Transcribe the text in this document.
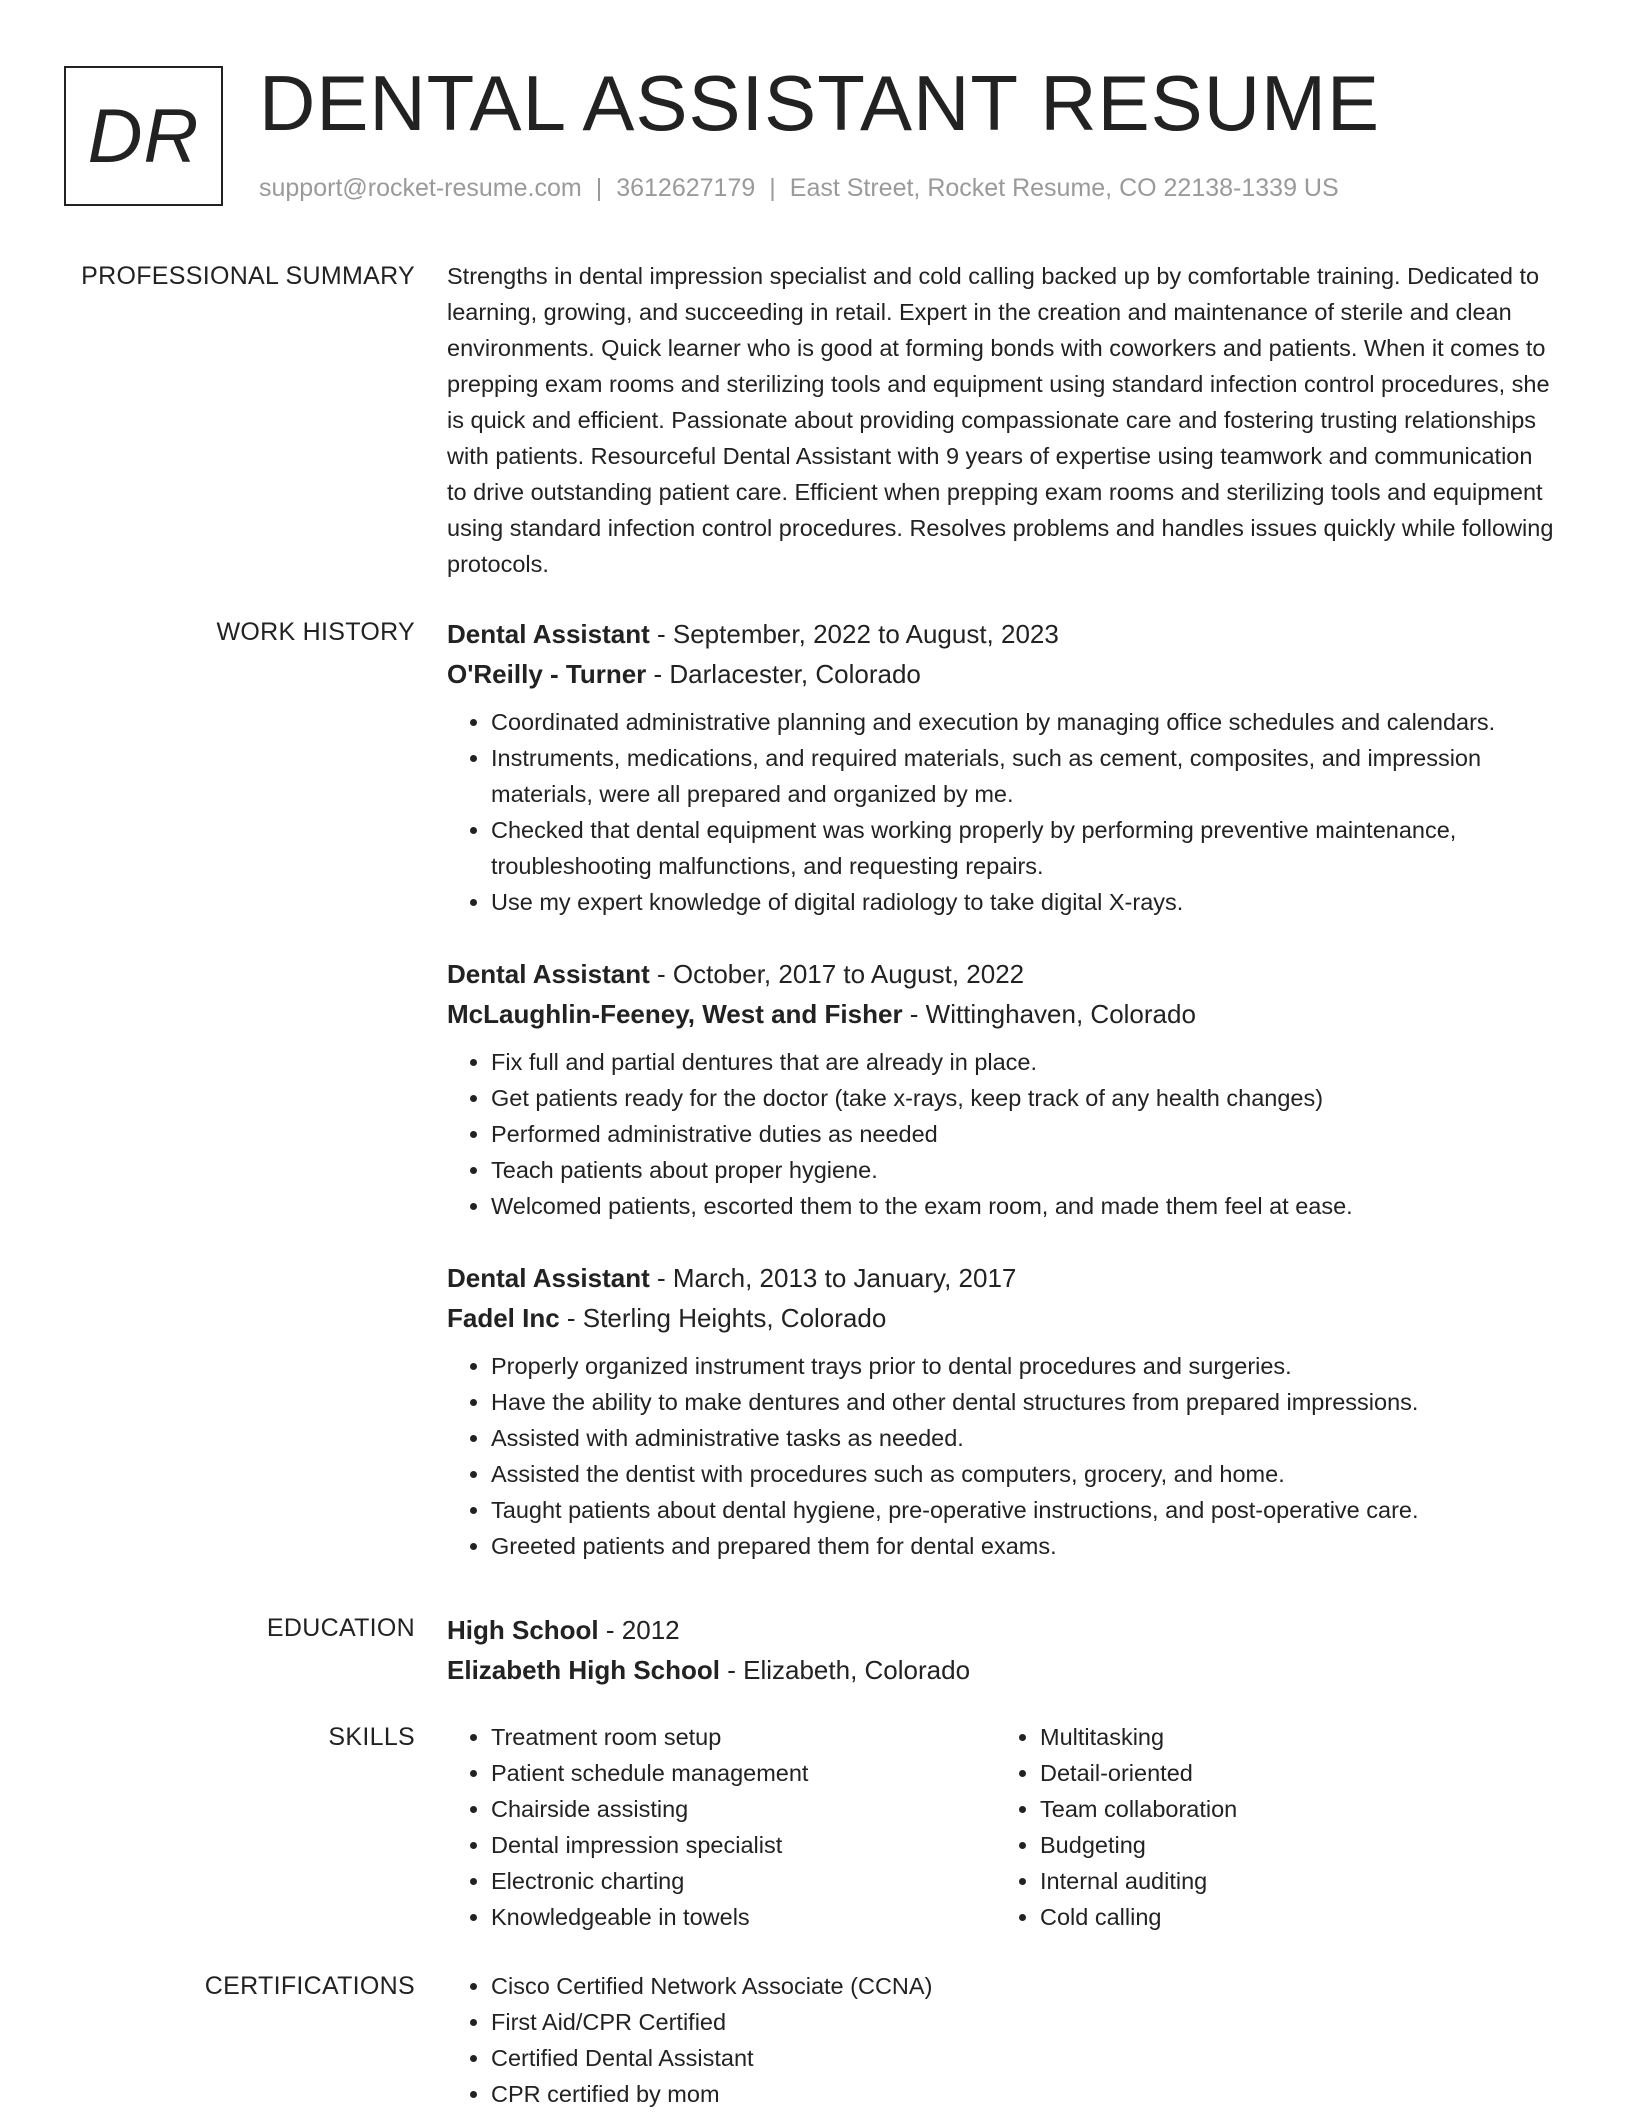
DR DENTAL ASSISTANT RESUME
support@rocket-resume.com | 3612627179 | East Street, Rocket Resume, CO 22138-1339 US
PROFESSIONAL SUMMARY Strengths in dental impression specialist and cold calling backed up by comfortable training. Dedicated to learning, growing, and succeeding in retail. Expert in the creation and maintenance of sterile and clean environments. Quick learner who is good at forming bonds with coworkers and patients. When it comes to prepping exam rooms and sterilizing tools and equipment using standard infection control procedures, she is quick and efficient. Passionate about providing compassionate care and fostering trusting relationships with patients. Resourceful Dental Assistant with 9 years of expertise using teamwork and communication to drive outstanding patient care. Efficient when prepping exam rooms and sterilizing tools and equipment using standard infection control procedures. Resolves problems and handles issues quickly while following protocols.

WORK HISTORY Dental Assistant - September, 2022 to August, 2023

O'Reilly - Turner - Darlacester, Colorado

• Coordinated administrative planning and execution by managing office schedules and calendars.
• Instruments, medications, and required materials, such as cement, composites, and impression materials, were all prepared and organized by me.
• Checked that dental equipment was working properly by performing preventive maintenance, troubleshooting malfunctions, and requesting repairs.
• Use my expert knowledge of digital radiology to take digital X-rays.

Dental Assistant - October, 2017 to August, 2022

McLaughlin-Feeney, West and Fisher - Wittinghaven, Colorado

• Fix full and partial dentures that are already in place.
• Get patients ready for the doctor (take x-rays, keep track of any health changes)
• Performed administrative duties as needed
• Teach patients about proper hygiene.
• Welcomed patients, escorted them to the exam room, and made them feel at ease.

Dental Assistant - March, 2013 to January, 2017

Fadel Inc - Sterling Heights, Colorado

• Properly organized instrument trays prior to dental procedures and surgeries.
• Have the ability to make dentures and other dental structures from prepared impressions.
• Assisted with administrative tasks as needed.
• Assisted the dentist with procedures such as computers, grocery, and home.
• Taught patients about dental hygiene, pre-operative instructions, and post-operative care.
• Greeted patients and prepared them for dental exams.
EDUCATION High School - 2012

Elizabeth High School - Elizabeth, Colorado

SKILLS	• Treatment room setup
• Patient schedule management
• Chairside assisting
• Dental impression specialist
• Electronic charting
• Knowledgeable in towels
• Multitasking
• Detail-oriented
• Team collaboration
• Budgeting
• Internal auditing
• Cold calling
CERTIFICATIONS	• Cisco Certified Network Associate (CCNA)
• First Aid/CPR Certified
• Certified Dental Assistant
• CPR certified by mom
